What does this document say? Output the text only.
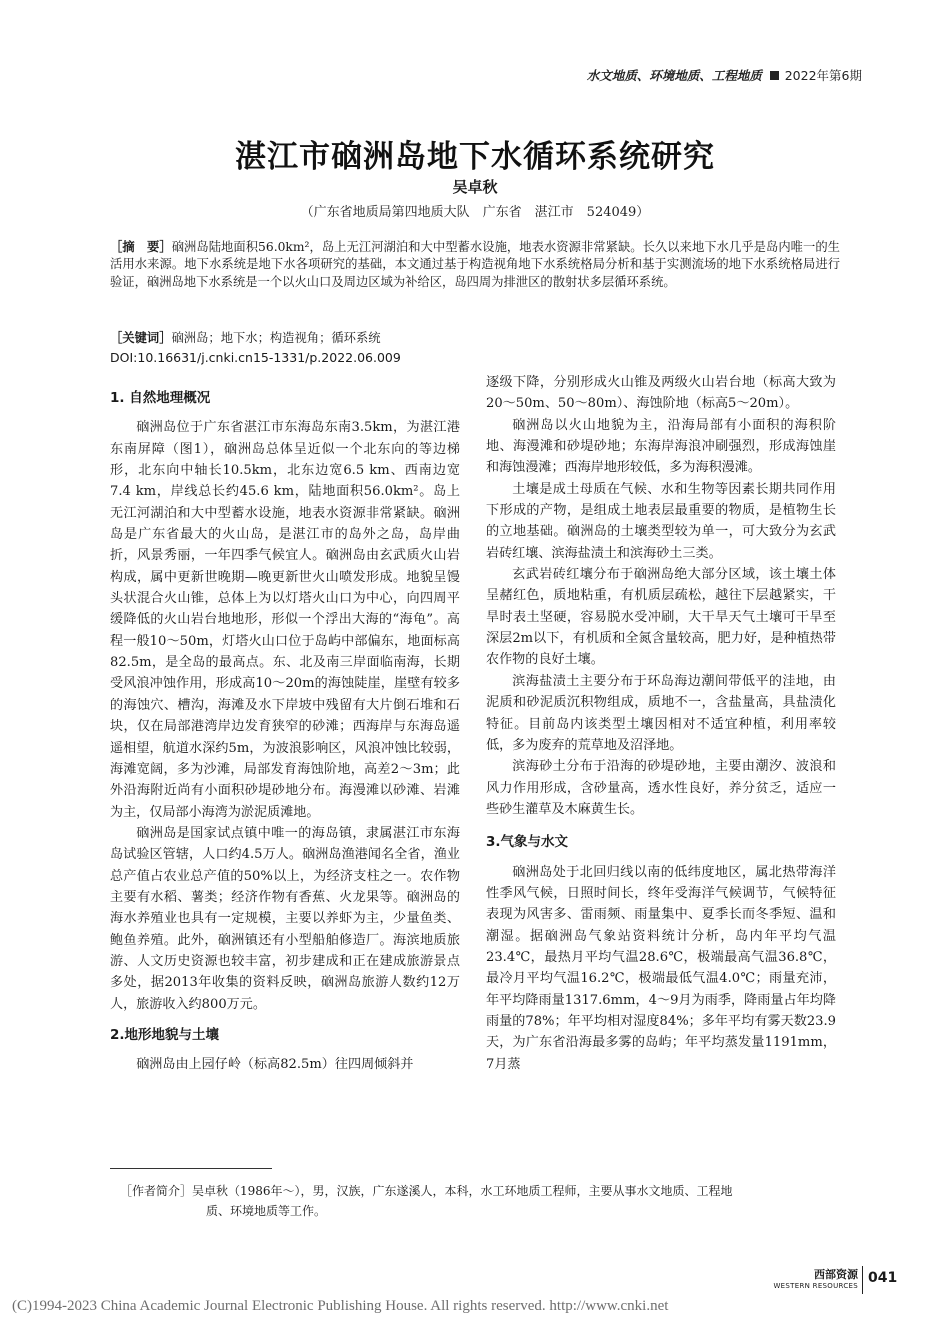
水文地质、环境地质、工程地质 2022年第6期
湛江市硇洲岛地下水循环系统研究
吴卓秋
（广东省地质局第四地质大队　广东省　湛江市　524049）
［摘　要］硇洲岛陆地面积56.0km²，岛上无江河湖泊和大中型蓄水设施，地表水资源非常紧缺。长久以来地下水几乎是岛内唯一的生活用水来源。地下水系统是地下水各项研究的基础，本文通过基于构造视角地下水系统格局分析和基于实测流场的地下水系统格局进行验证，硇洲岛地下水系统是一个以火山口及周边区域为补给区，岛四周为排泄区的散射状多层循环系统。
［关键词］硇洲岛；地下水；构造视角；循环系统
DOI:10.16631/j.cnki.cn15-1331/p.2022.06.009
1. 自然地理概况

硇洲岛位于广东省湛江市东海岛东南3.5km，为湛江港东南屏障（图1），硇洲岛总体呈近似一个北东向的等边梯形，北东向中轴长10.5km，北东边宽6.5 km、西南边宽7.4 km，岸线总长约45.6 km，陆地面积56.0km²。岛上无江河湖泊和大中型蓄水设施，地表水资源非常紧缺。硇洲岛是广东省最大的火山岛，是湛江市的岛外之岛，岛岸曲折，风景秀丽，一年四季气候宜人。硇洲岛由玄武质火山岩构成，属中更新世晚期—晚更新世火山喷发形成。地貌呈馒头状混合火山锥，总体上为以灯塔火山口为中心，向四周平缓降低的火山岩台地地形，形似一个浮出大海的“海龟”。高程一般10～50m，灯塔火山口位于岛屿中部偏东，地面标高82.5m，是全岛的最高点。东、北及南三岸面临南海，长期受风浪冲蚀作用，形成高10～20m的海蚀陡崖，崖壁有较多的海蚀穴、槽沟，海滩及水下岸坡中残留有大片倒石堆和石块，仅在局部港湾岸边发育狭窄的砂滩；西海岸与东海岛遥遥相望，航道水深约5m，为波浪影响区，风浪冲蚀比较弱，海滩宽阔，多为沙滩，局部发育海蚀阶地，高差2～3m；此外沿海附近尚有小面积砂堤砂地分布。海漫滩以砂滩、岩滩为主，仅局部小海湾为淤泥质滩地。

硇洲岛是国家试点镇中唯一的海岛镇，隶属湛江市东海岛试验区管辖，人口约4.5万人。硇洲岛渔港闻名全省，渔业总产值占农业总产值的50%以上，为经济支柱之一。农作物主要有水稻、薯类；经济作物有香蕉、火龙果等。硇洲岛的海水养殖业也具有一定规模，主要以养虾为主，少量鱼类、鲍鱼养殖。此外，硇洲镇还有小型船舶修造厂。海滨地质旅游、人文历史资源也较丰富，初步建成和正在建成旅游景点多处，据2013年收集的资料反映，硇洲岛旅游人数约12万人，旅游收入约800万元。

2.地形地貌与土壤

硇洲岛由上园仔岭（标高82.5m）往四周倾斜并

逐级下降，分别形成火山锥及两级火山岩台地（标高大致为20～50m、50～80m）、海蚀阶地（标高5～20m）。

硇洲岛以火山地貌为主，沿海局部有小面积的海积阶地、海漫滩和砂堤砂地；东海岸海浪冲刷强烈，形成海蚀崖和海蚀漫滩；西海岸地形较低，多为海积漫滩。

土壤是成土母质在气候、水和生物等因素长期共同作用下形成的产物，是组成土地表层最重要的物质，是植物生长的立地基础。硇洲岛的土壤类型较为单一，可大致分为玄武岩砖红壤、滨海盐渍土和滨海砂土三类。

玄武岩砖红壤分布于硇洲岛绝大部分区域，该土壤土体呈赭红色，质地粘重，有机质层疏松，越往下层越紧实，干旱时表土坚硬，容易脱水受冲刷，大干旱天气土壤可干旱至深层2m以下，有机质和全氮含量较高，肥力好，是种植热带农作物的良好土壤。

滨海盐渍土主要分布于环岛海边潮间带低平的洼地，由泥质和砂泥质沉积物组成，质地不一，含盐量高，具盐渍化特征。目前岛内该类型土壤因相对不适宜种植，利用率较低，多为废弃的荒草地及沼泽地。

滨海砂土分布于沿海的砂堤砂地，主要由潮汐、波浪和风力作用形成，含砂量高，透水性良好，养分贫乏，适应一些砂生灌草及木麻黄生长。

3.气象与水文

硇洲岛处于北回归线以南的低纬度地区，属北热带海洋性季风气候，日照时间长，终年受海洋气候调节，气候特征表现为风害多、雷雨频、雨量集中、夏季长而冬季短、温和潮湿。据硇洲岛气象站资料统计分析，岛内年平均气温23.4℃，最热月平均气温28.6℃，极端最高气温36.8℃，最冷月平均气温16.2℃，极端最低气温4.0℃；雨量充沛，年平均降雨量1317.6mm，4～9月为雨季，降雨量占年均降雨量的78%；年平均相对湿度84%；多年平均有雾天数23.9天，为广东省沿海最多雾的岛屿；年平均蒸发量1191mm，7月蒸

［作者简介］吴卓秋（1986年～），男，汉族，广东遂溪人，本科，水工环地质工程师，主要从事水文地质、工程地
质、环境地质等工作。
西部资源
WESTERN RESOURCES 041
(C)1994-2023 China Academic Journal Electronic Publishing House. All rights reserved. http://www.cnki.net
